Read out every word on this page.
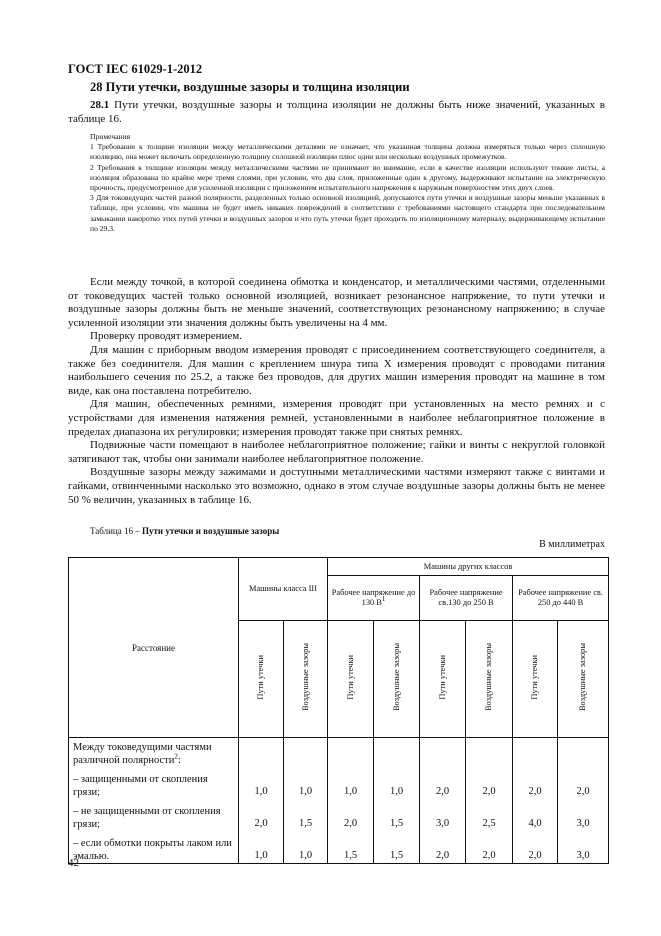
ГОСТ IEC 61029-1-2012
28 Пути утечки, воздушные зазоры и толщина изоляции

28.1 Пути утечки, воздушные зазоры и толщина изоляции не должны быть ниже значений, указанных в таблице 16.

Примечания

1 Требование к толщине изоляции между металлическими деталями не означает, что указанная толщина должна измеряться только через сплошную изоляцию, она может включать определенную толщину сплошной изоляции плюс один или несколько воздушных промежутков.

2 Требования к толщине изоляции между металлическими частями не принимают во внимание, если в качестве изоляции используют тонкие листы, а изоляция образована по крайне мере тремя слоями, при условии, что два слоя, приложенные один к другому, выдерживают испытание на электрическую прочность, предусмотренное для усиленной изоляции с приложением испытательного напряжения к наружным поверхностям этих двух слоев.

3 Для токоведущих частей разной полярности, разделенных только основной изоляцией, допускаются пути утечки и воздушные зазоры меньше указанных в таблице, при условии, что машина не будет иметь никаких повреждений в соответствии с требованиями настоящего стандарта при последовательном замыкании накоротко этих путей утечки и воздушных зазоров и что путь утечки будет проходить по изоляционному материалу, выдерживающему испытание по 29.3.

Если между точкой, в которой соединена обмотка и конденсатор, и металлическими частями, отделенными от токоведущих частей только основной изоляцией, возникает резонансное напряжение, то пути утечки и воздушные зазоры должны быть не меньше значений, соответствующих резонансному напряжению; в случае усиленной изоляции эти значения должны быть увеличены на 4 мм.

Проверку проводят измерением.

Для машин с приборным вводом измерения проводят с присоединением соответствующего соединителя, а также без соединителя. Для машин с креплением шнура типа X измерения проводят с проводами питания наибольшего сечения по 25.2, а также без проводов, для других машин измерения проводят на машине в том виде, как она поставлена потребителю.

Для машин, обеспеченных ремнями, измерения проводят при установленных на место ремнях и с устройствами для изменения натяжения ремней, установленными в наиболее неблагоприятное положение в пределах диапазона их регулировки; измерения проводят также при снятых ремнях.

Подвижные части помещают в наиболее неблагоприятное положение; гайки и винты с некруглой головкой затягивают так, чтобы они занимали наиболее неблагоприятное положение.

Воздушные зазоры между зажимами и доступными металлическими частями измеряют также с винтами и гайками, отвинченными насколько это возможно, однако в этом случае воздушные зазоры должны быть не менее 50 % величин, указанных в таблице 16.

Таблица 16 – Пути утечки и воздушные зазоры
В миллиметрах
Расстояние	Машины класса III		Машины других классов					
			Рабочее напряжение до 130 $В^1$		Рабочее напряжение св.130 до 250 В		Рабочее напряжение св. 250 до 440 В	
	Пути утечки	Воздушные зазоры	Пути утечки	Воздушные зазоры	Пути утечки	Воздушные зазоры	Пути утечки	Воздушные зазоры
Между токоведущими частями различной полярности$^2$:								
– защищенными от скопления грязи;	1,0	1,0	1,0	1,0	2,0	2,0	2,0	2,0
– не защищенными от скопления грязи;	2,0	1,5	2,0	1,5	3,0	2,5	4,0	3,0
– если обмотки покрыты лаком или эмалью.	1,0	1,0	1,5	1,5	2,0	2,0	2,0	3,0
42
